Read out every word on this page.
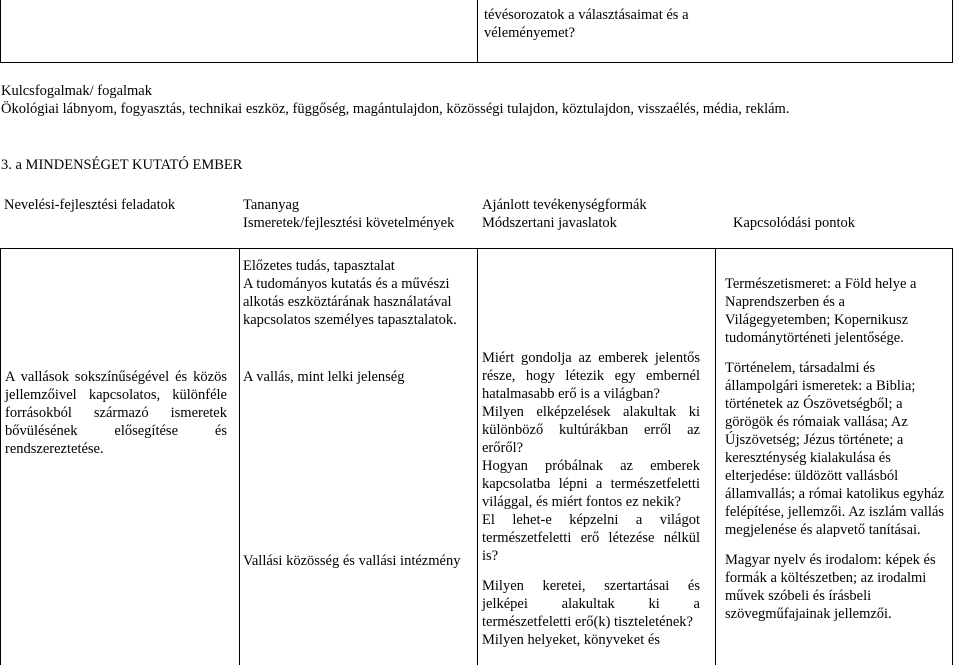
tévésorozatok a választásaimat és a véleményemet?

Kulcsfogalmak/ fogalmak
Ökológiai lábnyom, fogyasztás, technikai eszköz, függőség, magántulajdon, közösségi tulajdon, köztulajdon, visszaélés, média, reklám.
3. a MINDENSÉGET KUTATÓ EMBER
Nevelési-fejlesztési feladatok	Tananyag
Ismeretek/fejlesztési követelmények
Ajánlott tevékenységformák
Módszertani javaslatok	Kapcsolódási pontok

A vallások sokszínűségével és közös jellemzőivel kapcsolatos, különféle forrásokból származó ismeretek bővülésének elősegítése és rendszereztetése.

Előzetes tudás, tapasztalat

A tudományos kutatás és a művészi alkotás eszköztárának használatával kapcsolatos személyes tapasztalatok.

A vallás, mint lelki jelenség
Vallási közösség és vallási intézmény

Miért gondolja az emberek jelentős része, hogy létezik egy embernél hatalmasabb erő is a világban?

Milyen elképzelések alakultak ki különböző kultúrákban erről az erőről?

Hogyan próbálnak az emberek kapcsolatba lépni a természetfeletti világgal, és miért fontos ez nekik?

El lehet-e képzelni a világot természetfeletti erő létezése nélkül is?

Milyen keretei, szertartásai és jelképei alakultak ki a természetfeletti erő(k) tiszteletének?

Milyen helyeket, könyveket és

Természetismeret: a Föld helye a Naprendszerben és a Világegyetemben; Kopernikusz tudománytörténeti jelentősége.

Történelem, társadalmi és állampolgári ismeretek: a Biblia; történetek az Ószövetségből; a görögök és rómaiak vallása; Az Újszövetség; Jézus története; a kereszténység kialakulása és elterjedése: üldözött vallásból államvallás; a római katolikus egyház felépítése, jellemzői. Az iszlám vallás megjelenése és alapvető tanításai.

Magyar nyelv és irodalom: képek és formák a költészetben; az irodalmi művek szóbeli és írásbeli szövegműfajainak jellemzői.
